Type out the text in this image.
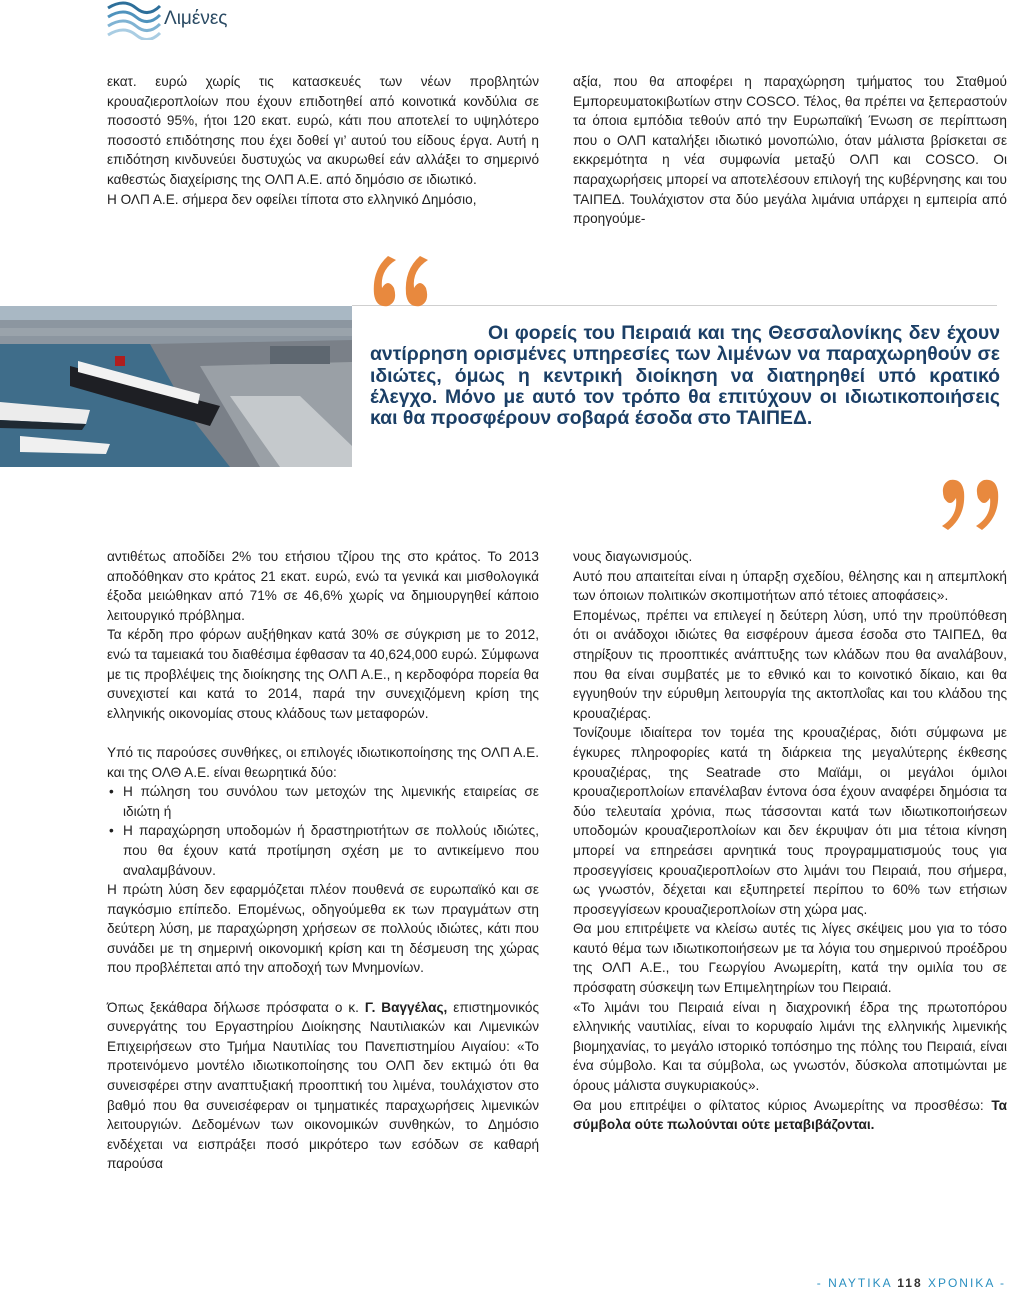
Λιμένες

εκατ. ευρώ χωρίς τις κατασκευές των νέων προβλητών κρουαζιεροπλοίων που έχουν επιδοτηθεί από κοινοτικά κονδύλια σε ποσοστό 95%, ήτοι 120 εκατ. ευρώ, κάτι που αποτελεί το υψηλότερο ποσοστό επιδότησης που έχει δοθεί γι’ αυτού του είδους έργα. Αυτή η επιδότηση κινδυνεύει δυστυχώς να ακυρωθεί εάν αλλάξει το σημερινό καθεστώς διαχείρισης της ΟΛΠ Α.Ε. από δημόσιο σε ιδιωτικό.

Η ΟΛΠ Α.Ε. σήμερα δεν οφείλει τίποτα στο ελληνικό Δημόσιο,

αξία, που θα αποφέρει η παραχώρηση τμήματος του Σταθμού Εμπορευματοκιβωτίων στην COSCO. Τέλος, θα πρέπει να ξεπεραστούν τα όποια εμπόδια τεθούν από την Ευρωπαϊκή Ένωση σε περίπτωση που ο ΟΛΠ καταλήξει ιδιωτικό μονοπώλιο, όταν μάλιστα βρίσκεται σε εκκρεμότητα η νέα συμφωνία μεταξύ ΟΛΠ και COSCO. Οι παραχωρήσεις μπορεί να αποτελέσουν επιλογή της κυβέρνησης και του ΤΑΙΠΕΔ. Τουλάχιστον στα δύο μεγάλα λιμάνια υπάρχει η εμπειρία από προηγούμε-

Οι φορείς του Πειραιά και της Θεσσαλονίκης δεν έχουν αντίρρηση ορισμένες υπηρεσίες των λιμένων να παραχωρηθούν σε ιδιώτες, όμως η κεντρική διοίκηση να διατηρηθεί υπό κρατικό έλεγχο. Μόνο με αυτό τον τρόπο θα επιτύχουν οι ιδιωτικοποιήσεις και θα προσφέρουν σοβαρά έσοδα στο ΤΑΙΠΕΔ.

αντιθέτως αποδίδει 2% του ετήσιου τζίρου της στο κράτος. Το 2013 αποδόθηκαν στο κράτος 21 εκατ. ευρώ, ενώ τα γενικά και μισθολογικά έξοδα μειώθηκαν από 71% σε 46,6% χωρίς να δημιουργηθεί κάποιο λειτουργικό πρόβλημα.

Τα κέρδη προ φόρων αυξήθηκαν κατά 30% σε σύγκριση με το 2012, ενώ τα ταμειακά του διαθέσιμα έφθασαν τα 40,624,000 ευρώ. Σύμφωνα με τις προβλέψεις της διοίκησης της ΟΛΠ Α.Ε., η κερδοφόρα πορεία θα συνεχιστεί και κατά το 2014, παρά την συνεχιζόμενη κρίση της ελληνικής οικονομίας στους κλάδους των μεταφορών.

Υπό τις παρούσες συνθήκες, οι επιλογές ιδιωτικοποίησης της ΟΛΠ Α.Ε. και της ΟΛΘ Α.Ε. είναι θεωρητικά δύο:

• Η πώληση του συνόλου των μετοχών της λιμενικής εταιρείας σε ιδιώτη ή
• Η παραχώρηση υποδομών ή δραστηριοτήτων σε πολλούς ιδιώτες, που θα έχουν κατά προτίμηση σχέση με το αντικείμενο που αναλαμβάνουν.

Η πρώτη λύση δεν εφαρμόζεται πλέον πουθενά σε ευρωπαϊκό και σε παγκόσμιο επίπεδο. Επομένως, οδηγούμεθα εκ των πραγμάτων στη δεύτερη λύση, με παραχώρηση χρήσεων σε πολλούς ιδιώτες, κάτι που συνάδει με τη σημερινή οικονομική κρίση και τη δέσμευση της χώρας που προβλέπεται από την αποδοχή των Μνημονίων.

Όπως ξεκάθαρα δήλωσε πρόσφατα ο κ. Γ. Βαγγέλας, επιστημονικός συνεργάτης του Εργαστηρίου Διοίκησης Ναυτιλιακών και Λιμενικών Επιχειρήσεων στο Τμήμα Ναυτιλίας του Πανεπιστημίου Αιγαίου: «Το προτεινόμενο μοντέλο ιδιωτικοποίησης του ΟΛΠ δεν εκτιμώ ότι θα συνεισφέρει στην αναπτυξιακή προοπτική του λιμένα, τουλάχιστον στο βαθμό που θα συνεισέφεραν οι τμηματικές παραχωρήσεις λιμενικών λειτουργιών. Δεδομένων των οικονομικών συνθηκών, το Δημόσιο ενδέχεται να εισπράξει ποσό μικρότερο των εσόδων σε καθαρή παρούσα

νους διαγωνισμούς.

Αυτό που απαιτείται είναι η ύπαρξη σχεδίου, θέλησης και η απεμπλοκή των όποιων πολιτικών σκοπιμοτήτων από τέτοιες αποφάσεις».

Επομένως, πρέπει να επιλεγεί η δεύτερη λύση, υπό την προϋπόθεση ότι οι ανάδοχοι ιδιώτες θα εισφέρουν άμεσα έσοδα στο ΤΑΙΠΕΔ, θα στηρίξουν τις προοπτικές ανάπτυξης των κλάδων που θα αναλάβουν, που θα είναι συμβατές με το εθνικό και το κοινοτικό δίκαιο, και θα εγγυηθούν την εύρυθμη λειτουργία της ακτοπλοΐας και του κλάδου της κρουαζιέρας.

Τονίζουμε ιδιαίτερα τον τομέα της κρουαζιέρας, διότι σύμφωνα με έγκυρες πληροφορίες κατά τη διάρκεια της μεγαλύτερης έκθεσης κρουαζιέρας, της Seatrade στο Μαϊάμι, οι μεγάλοι όμιλοι κρουαζιεροπλοίων επανέλαβαν έντονα όσα έχουν αναφέρει δημόσια τα δύο τελευταία χρόνια, πως τάσσονται κατά των ιδιωτικοποιήσεων υποδομών κρουαζιεροπλοίων και δεν έκρυψαν ότι μια τέτοια κίνηση μπορεί να επηρεάσει αρνητικά τους προγραμματισμούς τους για προσεγγίσεις κρουαζιεροπλοίων στο λιμάνι του Πειραιά, που σήμερα, ως γνωστόν, δέχεται και εξυπηρετεί περίπου το 60% των ετήσιων προσεγγίσεων κρουαζιεροπλοίων στη χώρα μας.

Θα μου επιτρέψετε να κλείσω αυτές τις λίγες σκέψεις μου για το τόσο καυτό θέμα των ιδιωτικοποιήσεων με τα λόγια του σημερινού προέδρου της ΟΛΠ Α.Ε., του Γεωργίου Ανωμερίτη, κατά την ομιλία του σε πρόσφατη σύσκεψη των Επιμελητηρίων του Πειραιά.

«Το λιμάνι του Πειραιά είναι η διαχρονική έδρα της πρωτοπόρου ελληνικής ναυτιλίας, είναι το κορυφαίο λιμάνι της ελληνικής λιμενικής βιομηχανίας, το μεγάλο ιστορικό τοπόσημο της πόλης του Πειραιά, είναι ένα σύμβολο. Και τα σύμβολα, ως γνωστόν, δύσκολα αποτιμώνται με όρους μάλιστα συγκυριακούς».

Θα μου επιτρέψει ο φίλτατος κύριος Ανωμερίτης να προσθέσω: Τα σύμβολα ούτε πωλούνται ούτε μεταβιβάζονται.

- ΝΑΥΤΙΚΑ 118 ΧΡΟΝΙΚΑ -
